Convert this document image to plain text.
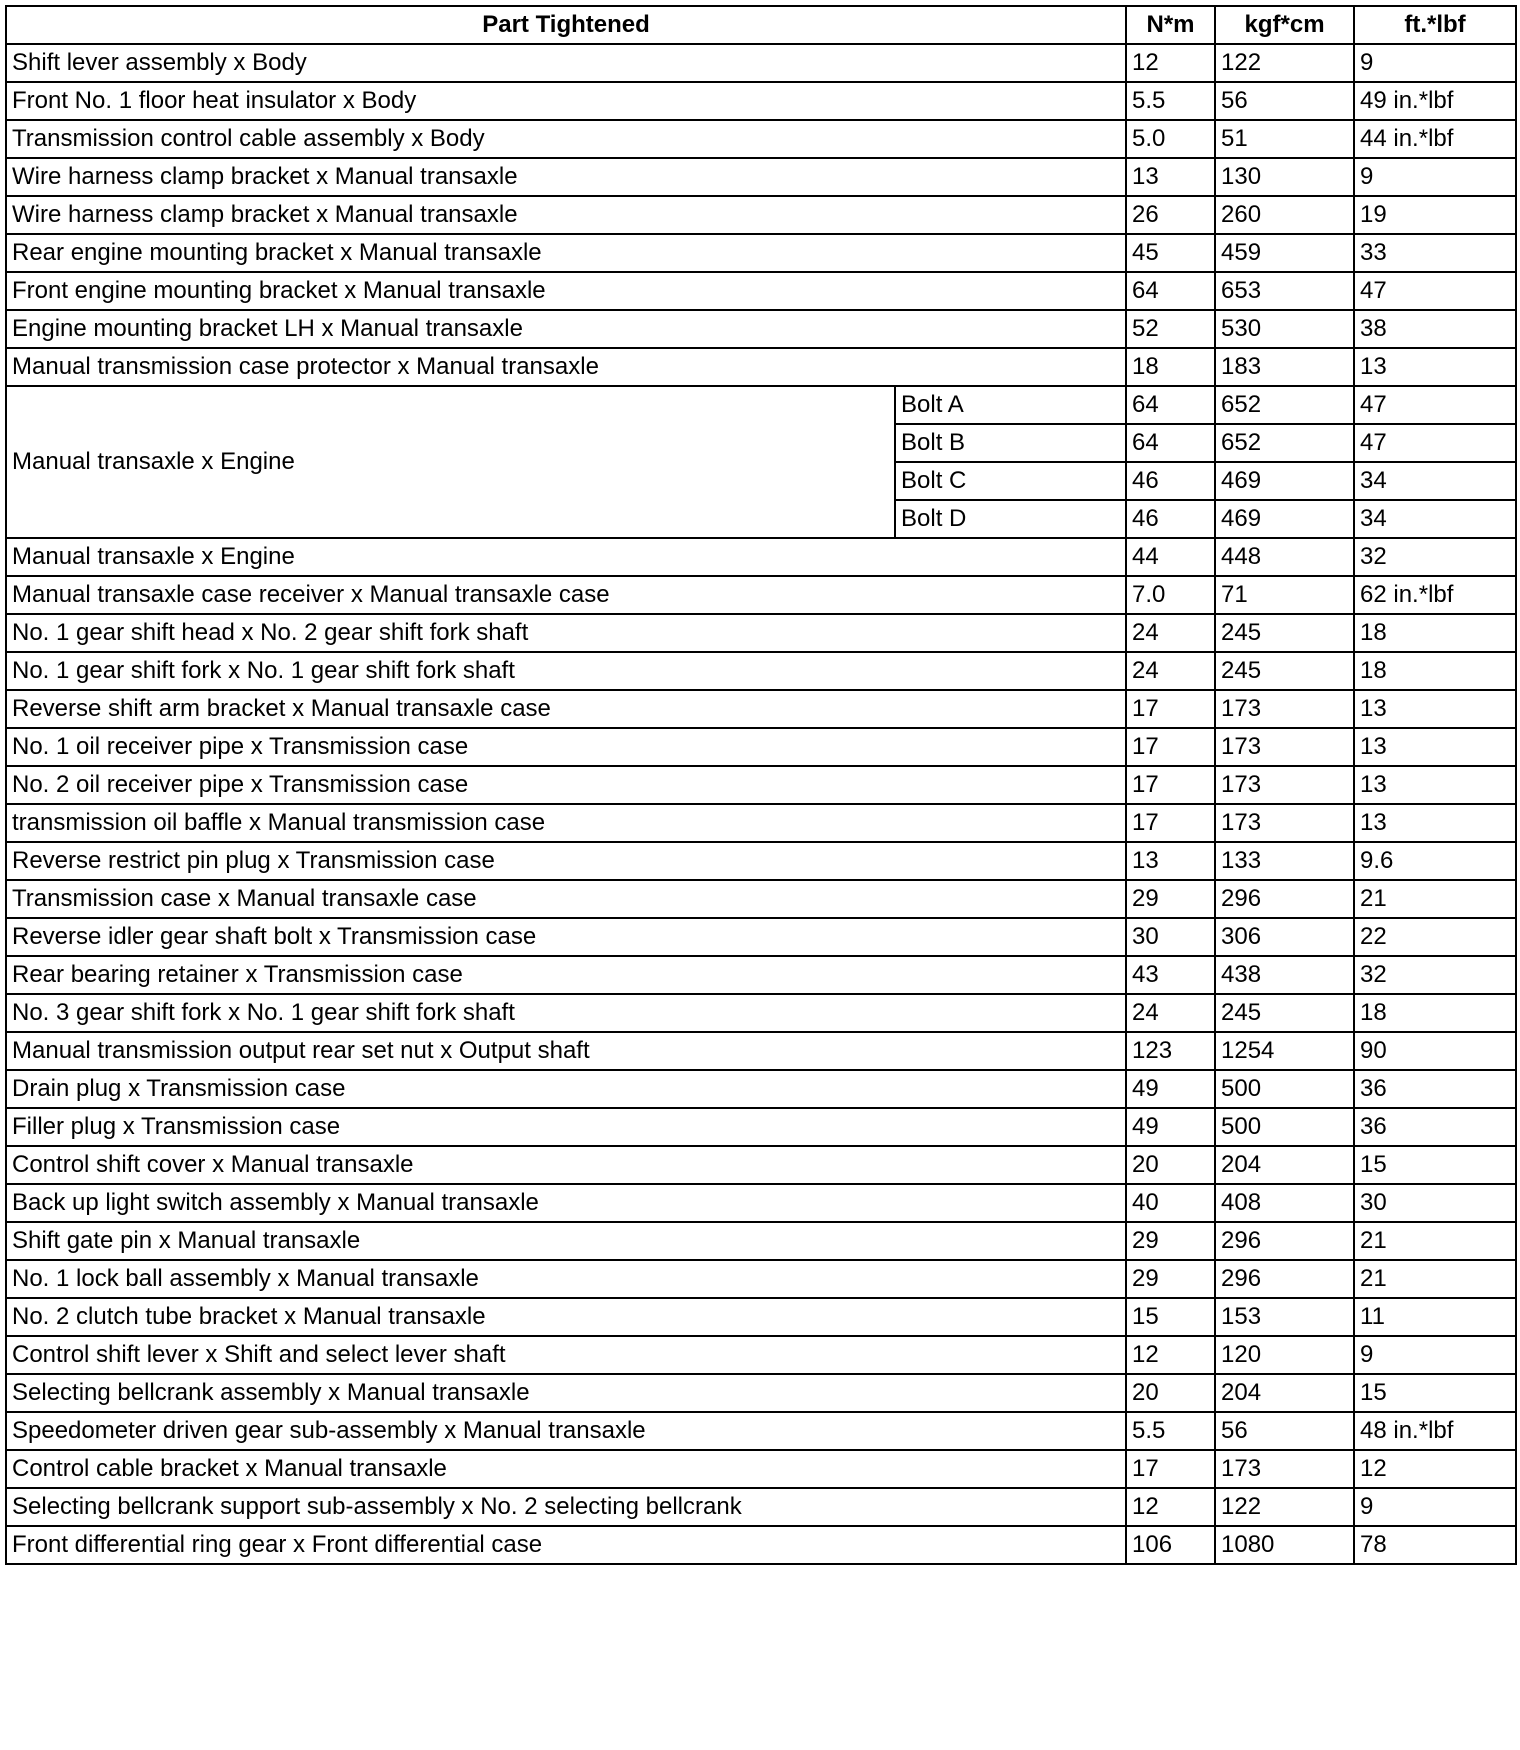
Part Tightened		N*m	kgf*cm	ft.*lbf
Shift lever assembly x Body		12	122	9
Front No. 1 floor heat insulator x Body		5.5	56	49 in.*lbf
Transmission control cable assembly x Body		5.0	51	44 in.*lbf
Wire harness clamp bracket x Manual transaxle		13	130	9
Wire harness clamp bracket x Manual transaxle		26	260	19
Rear engine mounting bracket x Manual transaxle		45	459	33
Front engine mounting bracket x Manual transaxle		64	653	47
Engine mounting bracket LH x Manual transaxle		52	530	38
Manual transmission case protector x Manual transaxle		18	183	13
Manual transaxle x Engine	Bolt A	64	652	47
	Bolt B	64	652	47
	Bolt C	46	469	34
	Bolt D	46	469	34
Manual transaxle x Engine		44	448	32
Manual transaxle case receiver x Manual transaxle case		7.0	71	62 in.*lbf
No. 1 gear shift head x No. 2 gear shift fork shaft		24	245	18
No. 1 gear shift fork x No. 1 gear shift fork shaft		24	245	18
Reverse shift arm bracket x Manual transaxle case		17	173	13
No. 1 oil receiver pipe x Transmission case		17	173	13
No. 2 oil receiver pipe x Transmission case		17	173	13
transmission oil baffle x Manual transmission case		17	173	13
Reverse restrict pin plug x Transmission case		13	133	9.6
Transmission case x Manual transaxle case		29	296	21
Reverse idler gear shaft bolt x Transmission case		30	306	22
Rear bearing retainer x Transmission case		43	438	32
No. 3 gear shift fork x No. 1 gear shift fork shaft		24	245	18
Manual transmission output rear set nut x Output shaft		123	1254	90
Drain plug x Transmission case		49	500	36
Filler plug x Transmission case		49	500	36
Control shift cover x Manual transaxle		20	204	15
Back up light switch assembly x Manual transaxle		40	408	30
Shift gate pin x Manual transaxle		29	296	21
No. 1 lock ball assembly x Manual transaxle		29	296	21
No. 2 clutch tube bracket x Manual transaxle		15	153	11
Control shift lever x Shift and select lever shaft		12	120	9
Selecting bellcrank assembly x Manual transaxle		20	204	15
Speedometer driven gear sub-assembly x Manual transaxle		5.5	56	48 in.*lbf
Control cable bracket x Manual transaxle		17	173	12
Selecting bellcrank support sub-assembly x No. 2 selecting bellcrank		12	122	9
Front differential ring gear x Front differential case		106	1080	78
